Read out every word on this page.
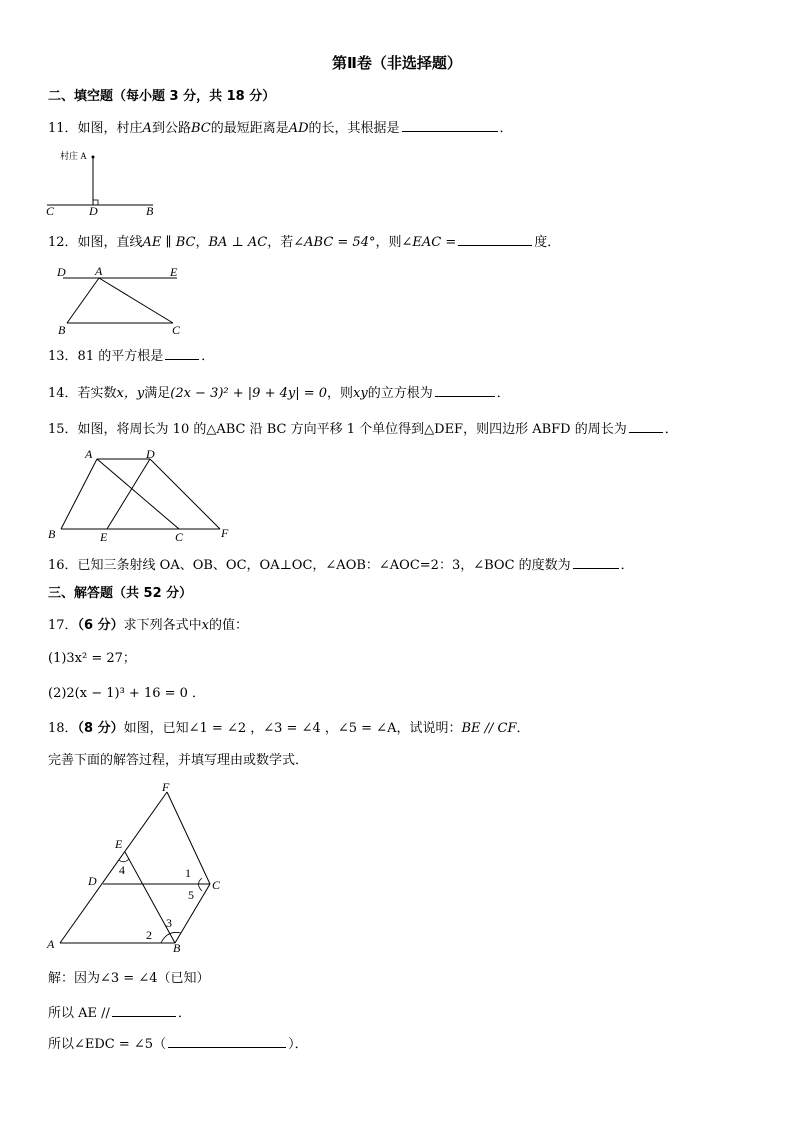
第Ⅱ卷（非选择题）
二、填空题（每小题 3 分，共 18 分）
11．如图，村庄A到公路BC的最短距离是AD的长，其根据是	．
村庄 A
C	D	B
12．如图，直线AE ∥ BC，BA ⊥ AC，若∠ABC = 54°，则∠EAC =	度．
D A	E
B	C
13．81 的平方根是	．
14．若实数x，y满足(2x − 3)² + |9 + 4y| = 0，则xy的立方根为	．
15．如图，将周长为 10 的△ABC 沿 BC 方向平移 1 个单位得到△DEF，则四边形 ABFD 的周长为	．
A	D
B	E	C	F
16．已知三条射线 OA、OB、OC，OA⊥OC，∠AOB：∠AOC=2：3，∠BOC 的度数为	．
三、解答题（共 52 分）
17．（6 分）求下列各式中x的值：
(1)3x² = 27；
(2)2(x − 1)³ + 16 = 0 ．
18．（8 分）如图，已知∠1 = ∠2 ，∠3 = ∠4 ，∠5 = ∠A，试说明：BE // CF．
完善下面的解答过程，并填写理由或数学式．
F
E
D	C
A	B
4	1
5
3
2
解：因为∠3 = ∠4（已知）
所以 AE //	．
所以∠EDC = ∠5（	）．
